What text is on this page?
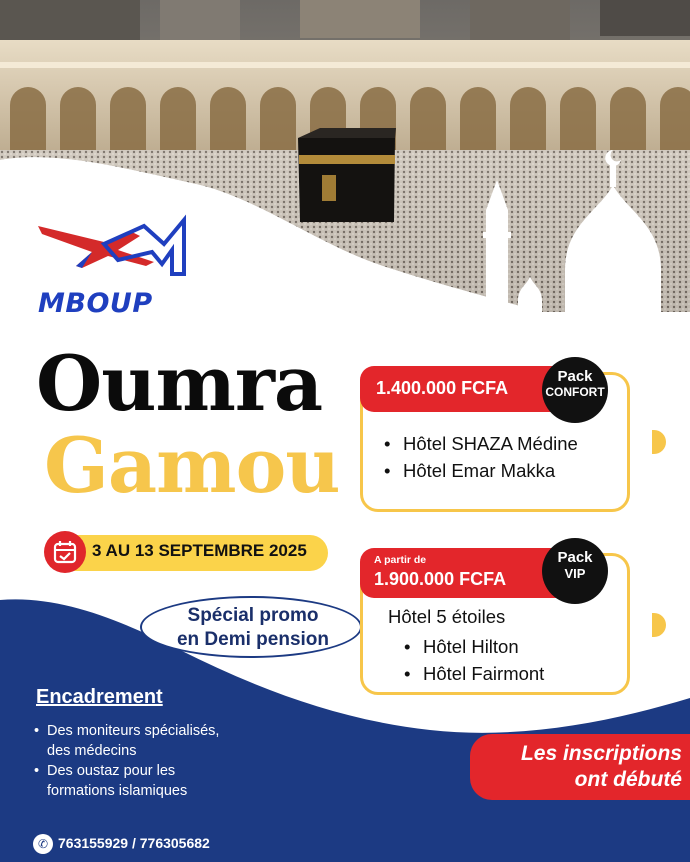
MBOUP
Oumra
Gamou
3 AU 13 SEPTEMBRE 2025
Spécial promo
en Demi pension
Encadrement
• Des moniteurs spécialisés,
des médecins
• Des oustaz pour les
formations islamiques
✆ 763155929 / 776305682
1.400.000 FCFA
Pack
CONFORT
• Hôtel SHAZA Médine
• Hôtel Emar Makka
A partir de
1.900.000 FCFA
Pack
VIP
Hôtel 5 étoiles
• Hôtel Hilton
• Hôtel Fairmont
Les inscriptions
ont débuté
